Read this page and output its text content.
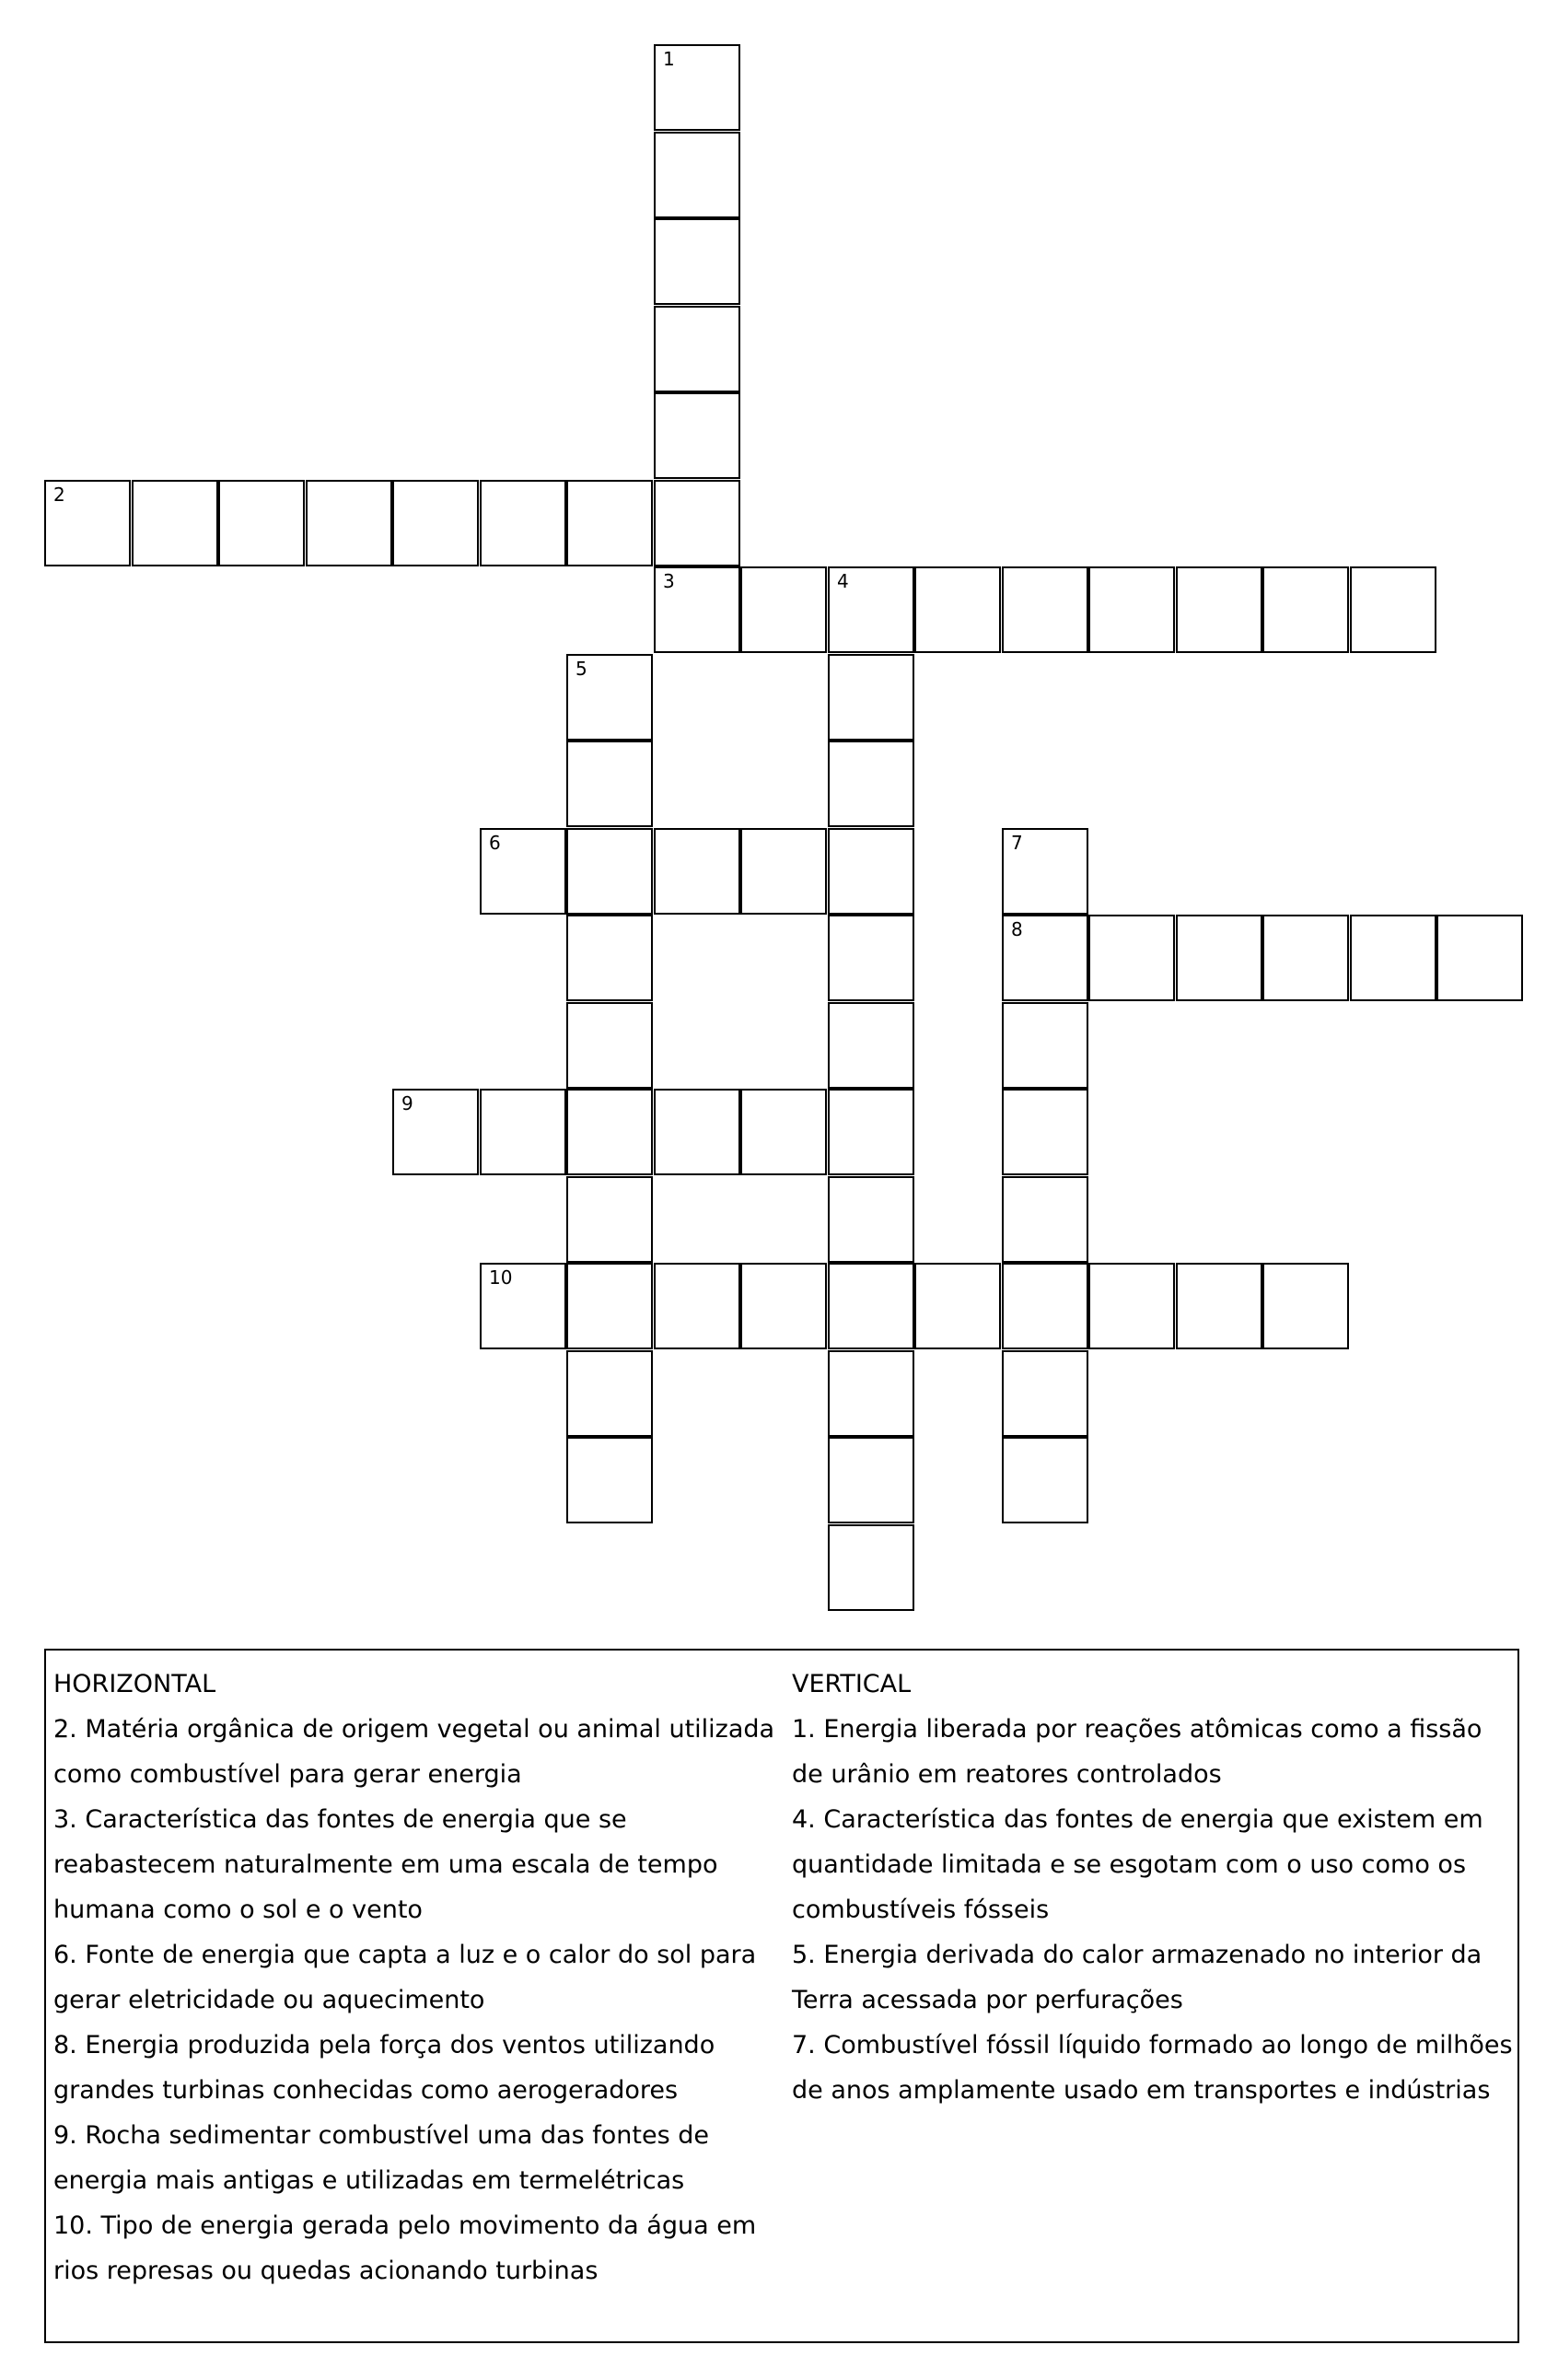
1
2
3	4
5
6	7
8
9
10

HORIZONTAL

2. Matéria orgânica de origem vegetal ou animal utilizada como combustível para gerar energia

3. Característica das fontes de energia que se reabastecem naturalmente em uma escala de tempo humana como o sol e o vento

6. Fonte de energia que capta a luz e o calor do sol para gerar eletricidade ou aquecimento

8. Energia produzida pela força dos ventos utilizando grandes turbinas conhecidas como aerogeradores

9. Rocha sedimentar combustível uma das fontes de energia mais antigas e utilizadas em termelétricas

10. Tipo de energia gerada pelo movimento da água em rios represas ou quedas acionando turbinas

VERTICAL

1. Energia liberada por reações atômicas como a fissão de urânio em reatores controlados

4. Característica das fontes de energia que existem em quantidade limitada e se esgotam com o uso como os combustíveis fósseis

5. Energia derivada do calor armazenado no interior da Terra acessada por perfurações

7. Combustível fóssil líquido formado ao longo de milhões de anos amplamente usado em transportes e indústrias
